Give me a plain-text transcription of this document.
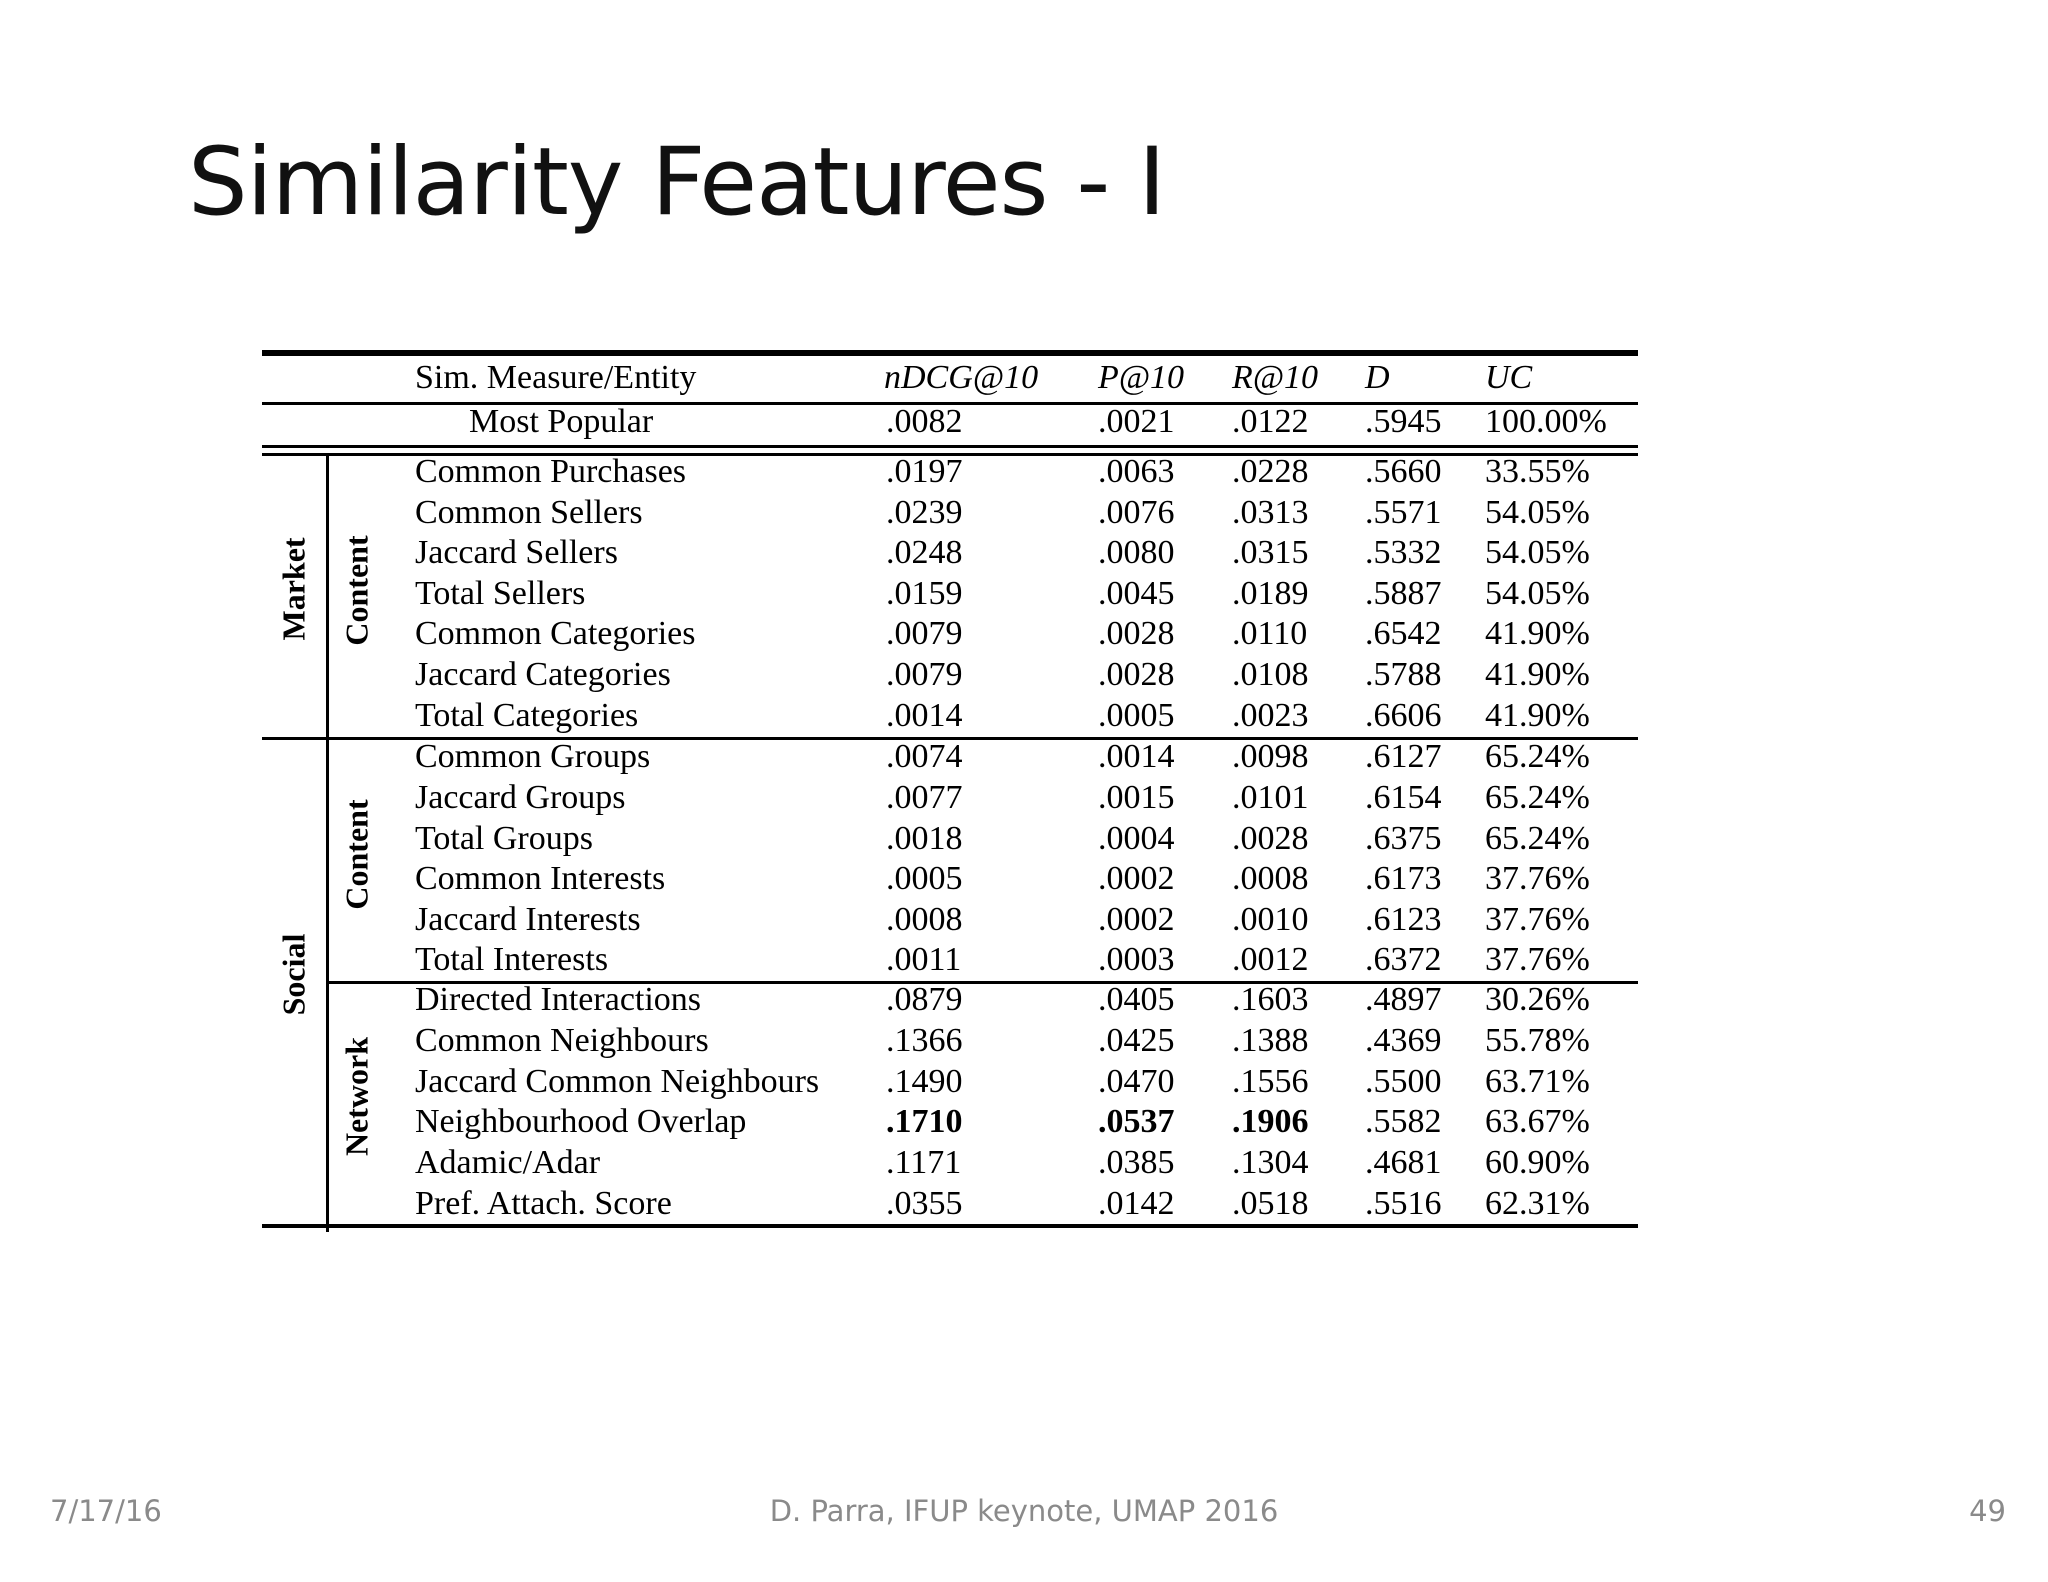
Similarity Features - I
Sim. Measure/Entity	nDCG@10 P@10 R@10 D	UC
Most Popular	.0082	.0021 .0122 .5945 100.00%
Market
Social
Content
Content
Network
Common Purchases	.0197	.0063 .0228 .5660 33.55%
Common Sellers	.0239	.0076 .0313 .5571 54.05%
Jaccard Sellers	.0248	.0080 .0315 .5332 54.05%
Total Sellers	.0159	.0045 .0189 .5887 54.05%
Common Categories	.0079	.0028 .0110 .6542 41.90%
Jaccard Categories	.0079	.0028 .0108 .5788 41.90%
Total Categories	.0014	.0005 .0023 .6606 41.90%
Common Groups	.0074	.0014 .0098 .6127 65.24%
Jaccard Groups	.0077	.0015 .0101 .6154 65.24%
Total Groups	.0018	.0004 .0028 .6375 65.24%
Common Interests	.0005	.0002 .0008 .6173 37.76%
Jaccard Interests	.0008	.0002 .0010 .6123 37.76%
Total Interests	.0011	.0003 .0012 .6372 37.76%
Directed Interactions	.0879	.0405 .1603 .4897 30.26%
Common Neighbours	.1366	.0425 .1388 .4369 55.78%
Jaccard Common Neighbours .1490	.0470 .1556 .5500 63.71%
Neighbourhood Overlap	.1710	.0537 .1906 .5582 63.67%
Adamic/Adar	.1171	.0385 .1304 .4681 60.90%
Pref. Attach. Score	.0355	.0142 .0518 .5516 62.31%
7/17/16	D. Parra, IFUP keynote, UMAP 2016	49
